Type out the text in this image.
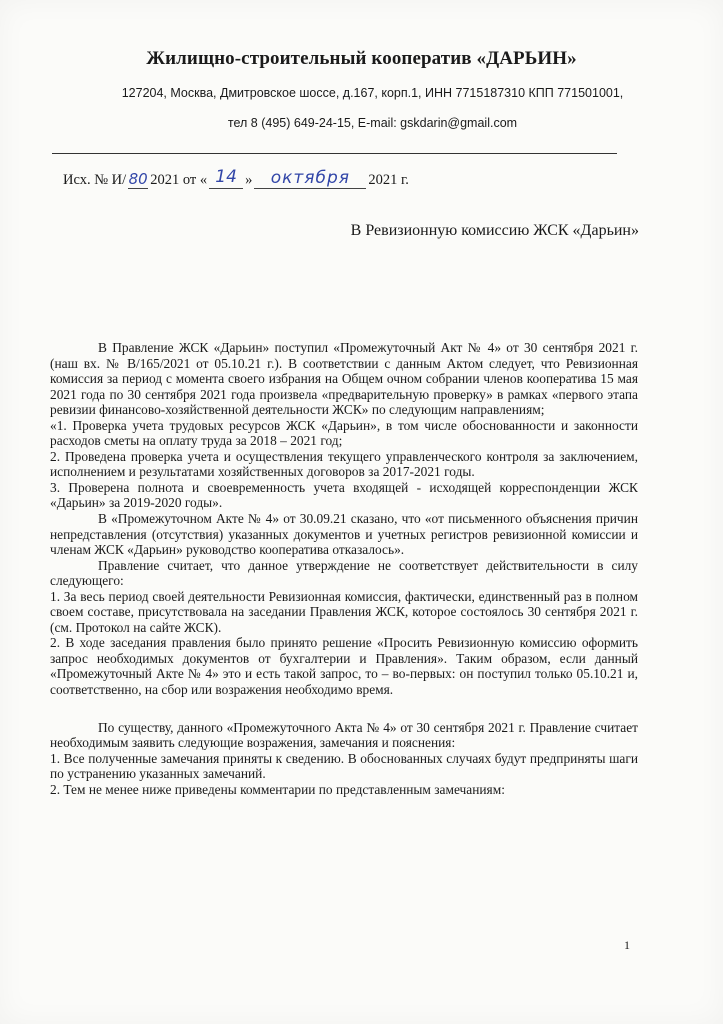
Жилищно-строительный кооператив «ДАРЬИН»
127204, Москва, Дмитровское шоссе, д.167, корп.1, ИНН 7715187310 КПП 771501001,
тел 8 (495) 649-24-15, E-mail: gskdarin@gmail.com
Исх. № И/ 80 2021 от « 14 »	октября	2021 г.
В Ревизионную комиссию ЖСК «Дарьин»

В Правление ЖСК «Дарьин» поступил «Промежуточный Акт № 4» от 30 сентября 2021 г. (наш вх. № В/165/2021 от 05.10.21 г.). В соответствии с данным Актом следует, что Ревизионная комиссия за период с момента своего избрания на Общем очном собрании членов кооператива 15 мая 2021 года по 30 сентября 2021 года произвела «предварительную проверку» в рамках «первого этапа ревизии финансово-хозяйственной деятельности ЖСК» по следующим направлениям;

«1. Проверка учета трудовых ресурсов ЖСК «Дарьин», в том числе обоснованности и законности расходов сметы на оплату труда за 2018 – 2021 год;

2. Проведена проверка учета и осуществления текущего управленческого контроля за заключением, исполнением и результатами хозяйственных договоров за 2017-2021 годы.

3. Проверена полнота и своевременность учета входящей - исходящей корреспонденции ЖСК «Дарьин» за 2019-2020 годы».

В «Промежуточном Акте № 4» от 30.09.21 сказано, что «от письменного объяснения причин непредставления (отсутствия) указанных документов и учетных регистров ревизионной комиссии и членам ЖСК «Дарьин» руководство кооператива отказалось».

Правление считает, что данное утверждение не соответствует действительности в силу следующего:

1. За весь период своей деятельности Ревизионная комиссия, фактически, единственный раз в полном своем составе, присутствовала на заседании Правления ЖСК, которое состоялось 30 сентября 2021 г. (см. Протокол на сайте ЖСК).

2. В ходе заседания правления было принято решение «Просить Ревизионную комиссию оформить запрос необходимых документов от бухгалтерии и Правления». Таким образом, если данный «Промежуточный Акте № 4» это и есть такой запрос, то – во-первых: он поступил только 05.10.21 и, соответственно, на сбор или возражения необходимо время.

По существу, данного «Промежуточного Акта № 4» от 30 сентября 2021 г. Правление считает необходимым заявить следующие возражения, замечания и пояснения:

1. Все полученные замечания приняты к сведению. В обоснованных случаях будут предприняты шаги по устранению указанных замечаний.

2. Тем не менее ниже приведены комментарии по представленным замечаниям:

1
